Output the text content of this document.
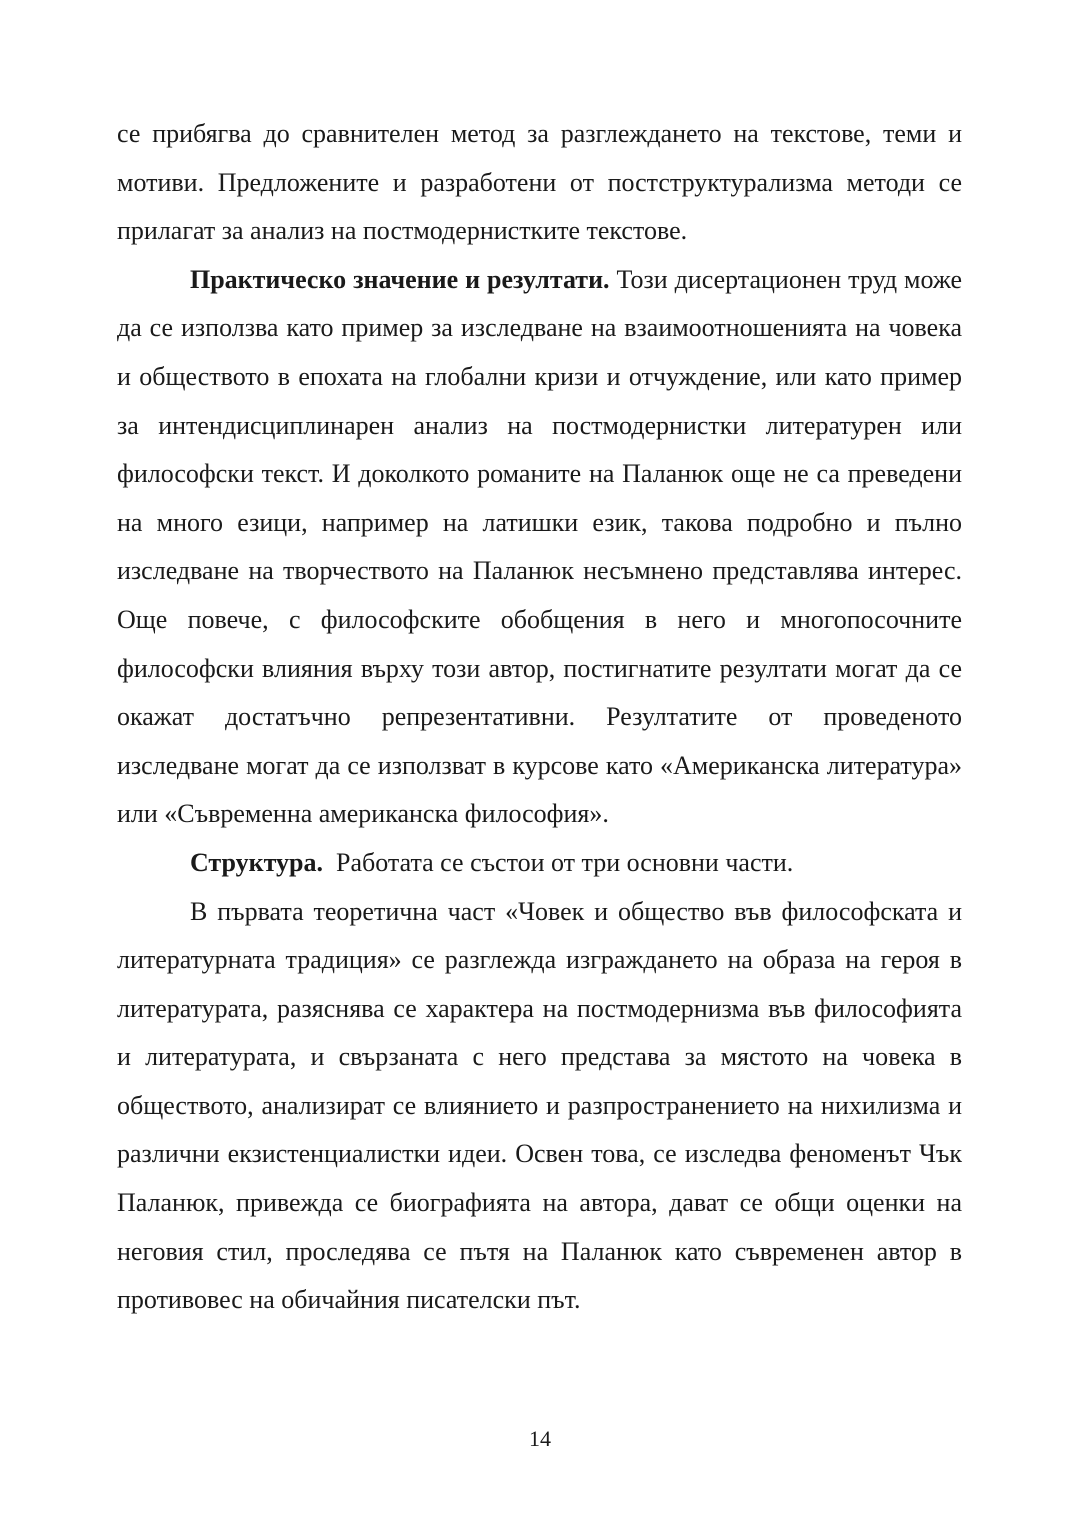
се прибягва до сравнителен метод за разглеждането на текстове, теми и мотиви. Предложените и разработени от постструктурализма методи се прилагат за анализ на постмодернистките текстове.

Практическо значение и резултати. Този дисертационен труд може да се използва като пример за изследване на взаимоотношенията на човека и обществото в епохата на глобални кризи и отчуждение, или като пример за интендисциплинарен анализ на постмодернистки литературен или философски текст. И доколкото романите на Паланюк още не са преведени на много езици, например на латишки език, такова подробно и пълно изследване на творчеството на Паланюк несъмнено представлява интерес. Още повече, с философските обобщения в него и многопосочните философски влияния върху този автор, постигнатите резултати могат да се окажат достатъчно репрезентативни. Резултатите от проведеното изследване могат да се използват в курсове като «Американска литература» или «Съвременна американска философия».

Структура.  Работата се състои от три основни части.

В първата теоретична част «Човек и общество във философската и литературната традиция» се разглежда изграждането на образа на героя в литературата, разяснява се характера на постмодернизма във философията и литературата, и свързаната с него представа за мястото на човека в обществото, анализират се влиянието и разпространението на нихилизма и различни екзистенциалистки идеи. Освен това, се изследва феноменът Чък Паланюк, привежда се биографията на автора, дават се общи оценки на неговия стил, проследява се пътя на Паланюк като съвременен автор в противовес на обичайния писателски път.

14
